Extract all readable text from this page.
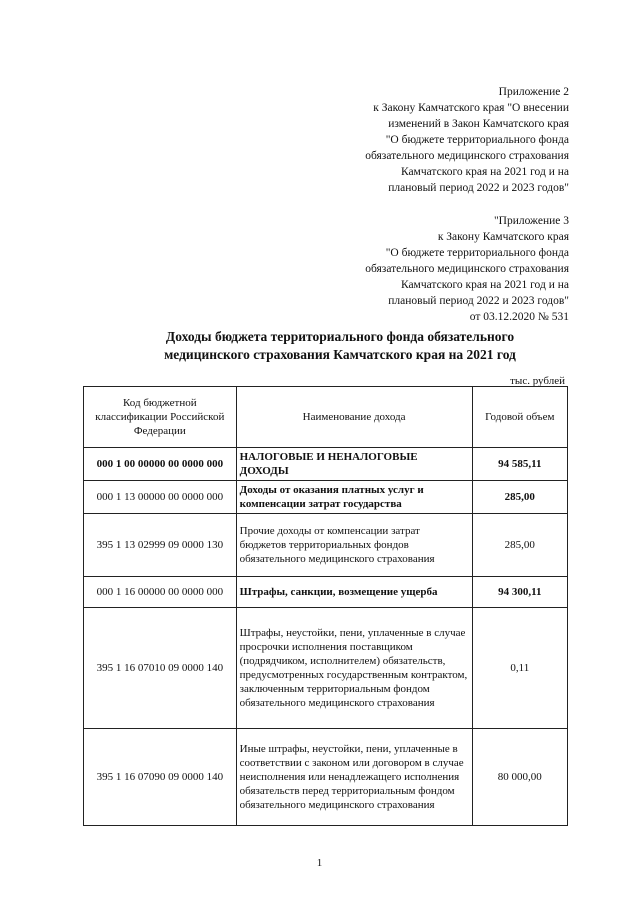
Приложение 2
к Закону Камчатского края "О внесении
изменений в Закон Камчатского края
"О бюджете территориального фонда
обязательного медицинского страхования
Камчатского края на 2021 год и на
плановый период 2022 и 2023 годов"
"Приложение 3
к Закону Камчатского края
"О бюджете территориального фонда
обязательного медицинского страхования
Камчатского края на 2021 год и на
плановый период 2022 и 2023 годов"
от 03.12.2020 № 531
Доходы бюджета территориального фонда обязательного
медицинского страхования Камчатского края на 2021 год
тыс. рублей
Код бюджетной классификации Российской Федерации	Наименование дохода	Годовой объем
000 1 00 00000 00 0000 000	НАЛОГОВЫЕ И НЕНАЛОГОВЫЕ ДОХОДЫ	94 585,11
000 1 13 00000 00 0000 000	Доходы от оказания платных услуг и компенсации затрат государства	285,00
395 1 13 02999 09 0000 130	Прочие доходы от компенсации затрат бюджетов территориальных фондов обязательного медицинского страхования	285,00
000 1 16 00000 00 0000 000	Штрафы, санкции, возмещение ущерба	94 300,11
395 1 16 07010 09 0000 140	Штрафы, неустойки, пени, уплаченные в случае просрочки исполнения поставщиком (подрядчиком, исполнителем) обязательств, предусмотренных государственным контрактом, заключенным территориальным фондом обязательного медицинского страхования	0,11
395 1 16 07090 09 0000 140	Иные штрафы, неустойки, пени, уплаченные в соответствии с законом или договором в случае неисполнения или ненадлежащего исполнения обязательств перед территориальным фондом обязательного медицинского страхования	80 000,00
1
